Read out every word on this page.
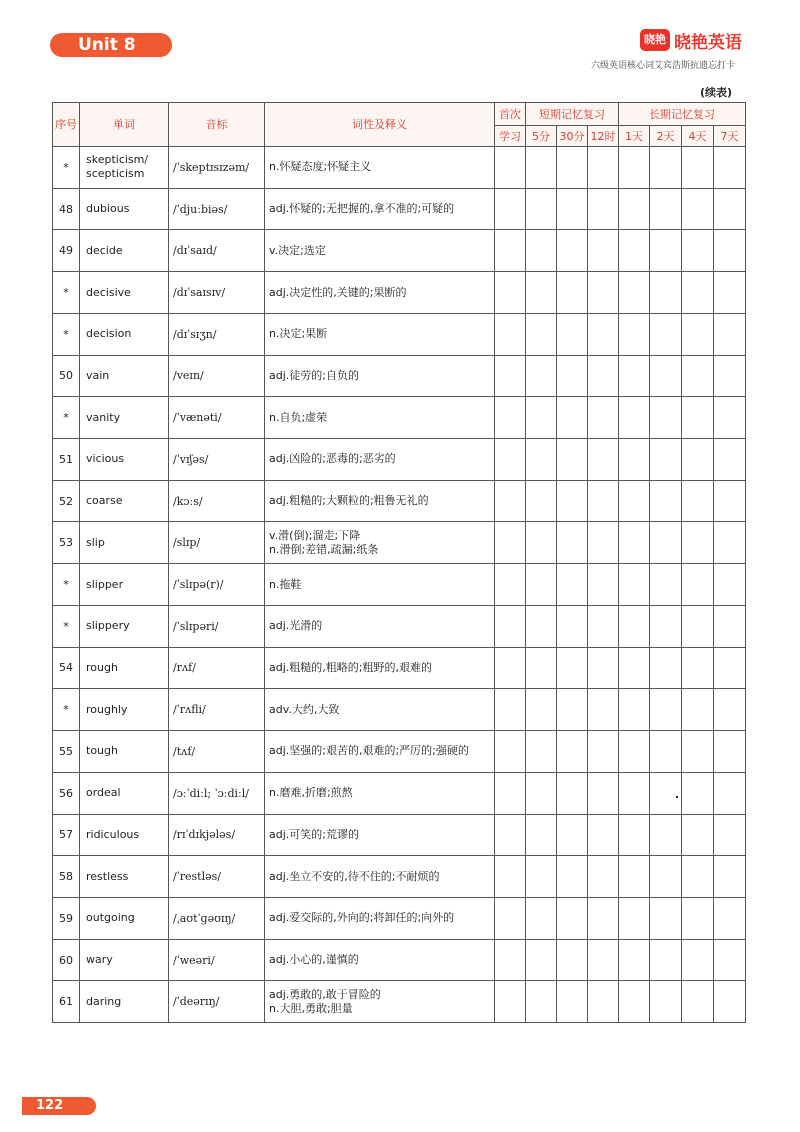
Unit 8	晓艳 晓艳英语
六级英语核心词艾宾浩斯抗遗忘打卡
(续表)
序号	单词	音标	词性及释义	首次	短期记忆复习			长期记忆复习			
				学习	5分	30分	12时	1天	2天	4天	7天
*	skepticism/
scepticism	/ˈskeptɪsɪzəm/	n.怀疑态度;怀疑主义								
48	dubious	/ˈdjuːbiəs/	adj.怀疑的;无把握的,拿不准的;可疑的								
49	decide	/dɪˈsaɪd/	v.决定;选定								
*	decisive	/dɪˈsaɪsɪv/	adj.决定性的,关键的;果断的								
*	decision	/dɪˈsɪʒn/	n.决定;果断								
50	vain	/veɪn/	adj.徒劳的;自负的								
*	vanity	/ˈvænəti/	n.自负;虚荣								
51	vicious	/ˈvɪʃəs/	adj.凶险的;恶毒的;恶劣的								
52	coarse	/kɔːs/	adj.粗糙的;大颗粒的;粗鲁无礼的								
53	slip	/slɪp/	v.滑(倒);溜走;下降
n.滑倒;差错,疏漏;纸条								
*	slipper	/ˈslɪpə(r)/	n.拖鞋								
*	slippery	/ˈslɪpəri/	adj.光滑的								
54	rough	/rʌf/	adj.粗糙的,粗略的;粗野的,艰难的								
*	roughly	/ˈrʌfli/	adv.大约,大致								
55	tough	/tʌf/	adj.坚强的;艰苦的,艰难的;严厉的;强硬的								
56	ordeal	/ɔːˈdiːl; ˈɔːdiːl/	n.磨难,折磨;煎熬								
57	ridiculous	/rɪˈdɪkjələs/	adj.可笑的;荒谬的								
58	restless	/ˈrestləs/	adj.坐立不安的,待不住的;不耐烦的								
59	outgoing	/ˌaʊtˈɡəʊɪŋ/	adj.爱交际的,外向的;将卸任的;向外的								
60	wary	/ˈweəri/	adj.小心的,谨慎的								
61	daring	/ˈdeərɪŋ/	adj.勇敢的,敢于冒险的
n.大胆,勇敢;胆量								
122
